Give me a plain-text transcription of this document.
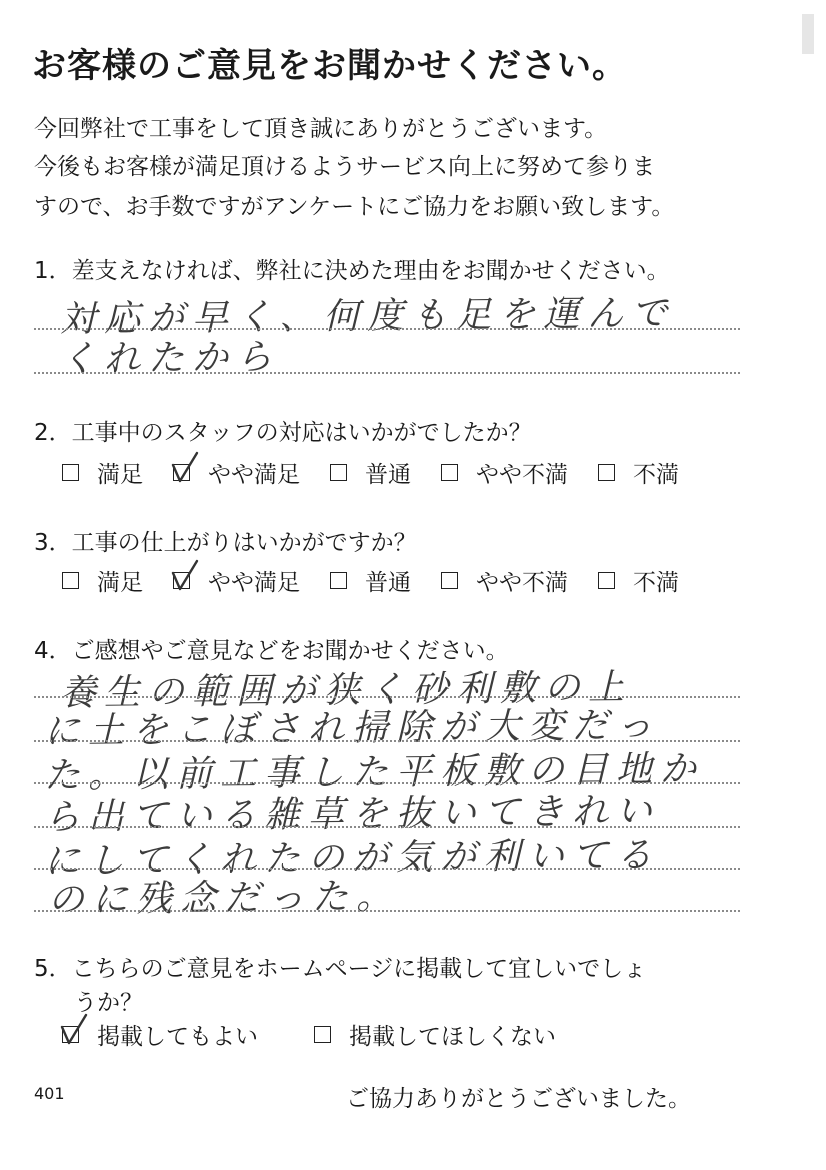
お客様のご意見をお聞かせください。

今回弊社で工事をして頂き誠にありがとうございます。

今後もお客様が満足頂けるようサービス向上に努めて参りま

すので、お手数ですがアンケートにご協力をお願い致します。

1．差支えなければ、弊社に決めた理由をお聞かせください。

対応が早く、何度も足を運んで

くれたから

2．工事中のスタッフの対応はいかがでしたか？

満足	やや満足	普通	やや不満	不満

3．工事の仕上がりはいかがですか？

満足	やや満足	普通	やや不満	不満

4．ご感想やご意見などをお聞かせください。

養生の範囲が狭く砂利敷の上

に土をこぼされ掃除が大変だっ

た。以前工事した平板敷の目地か

ら出ている雑草を抜いてきれい

にしてくれたのが気が利いてる

のに残念だった。

5．こちらのご意見をホームページに掲載して宜しいでしょ

うか？

掲載してもよい	掲載してほしくない

401	ご協力ありがとうございました。
